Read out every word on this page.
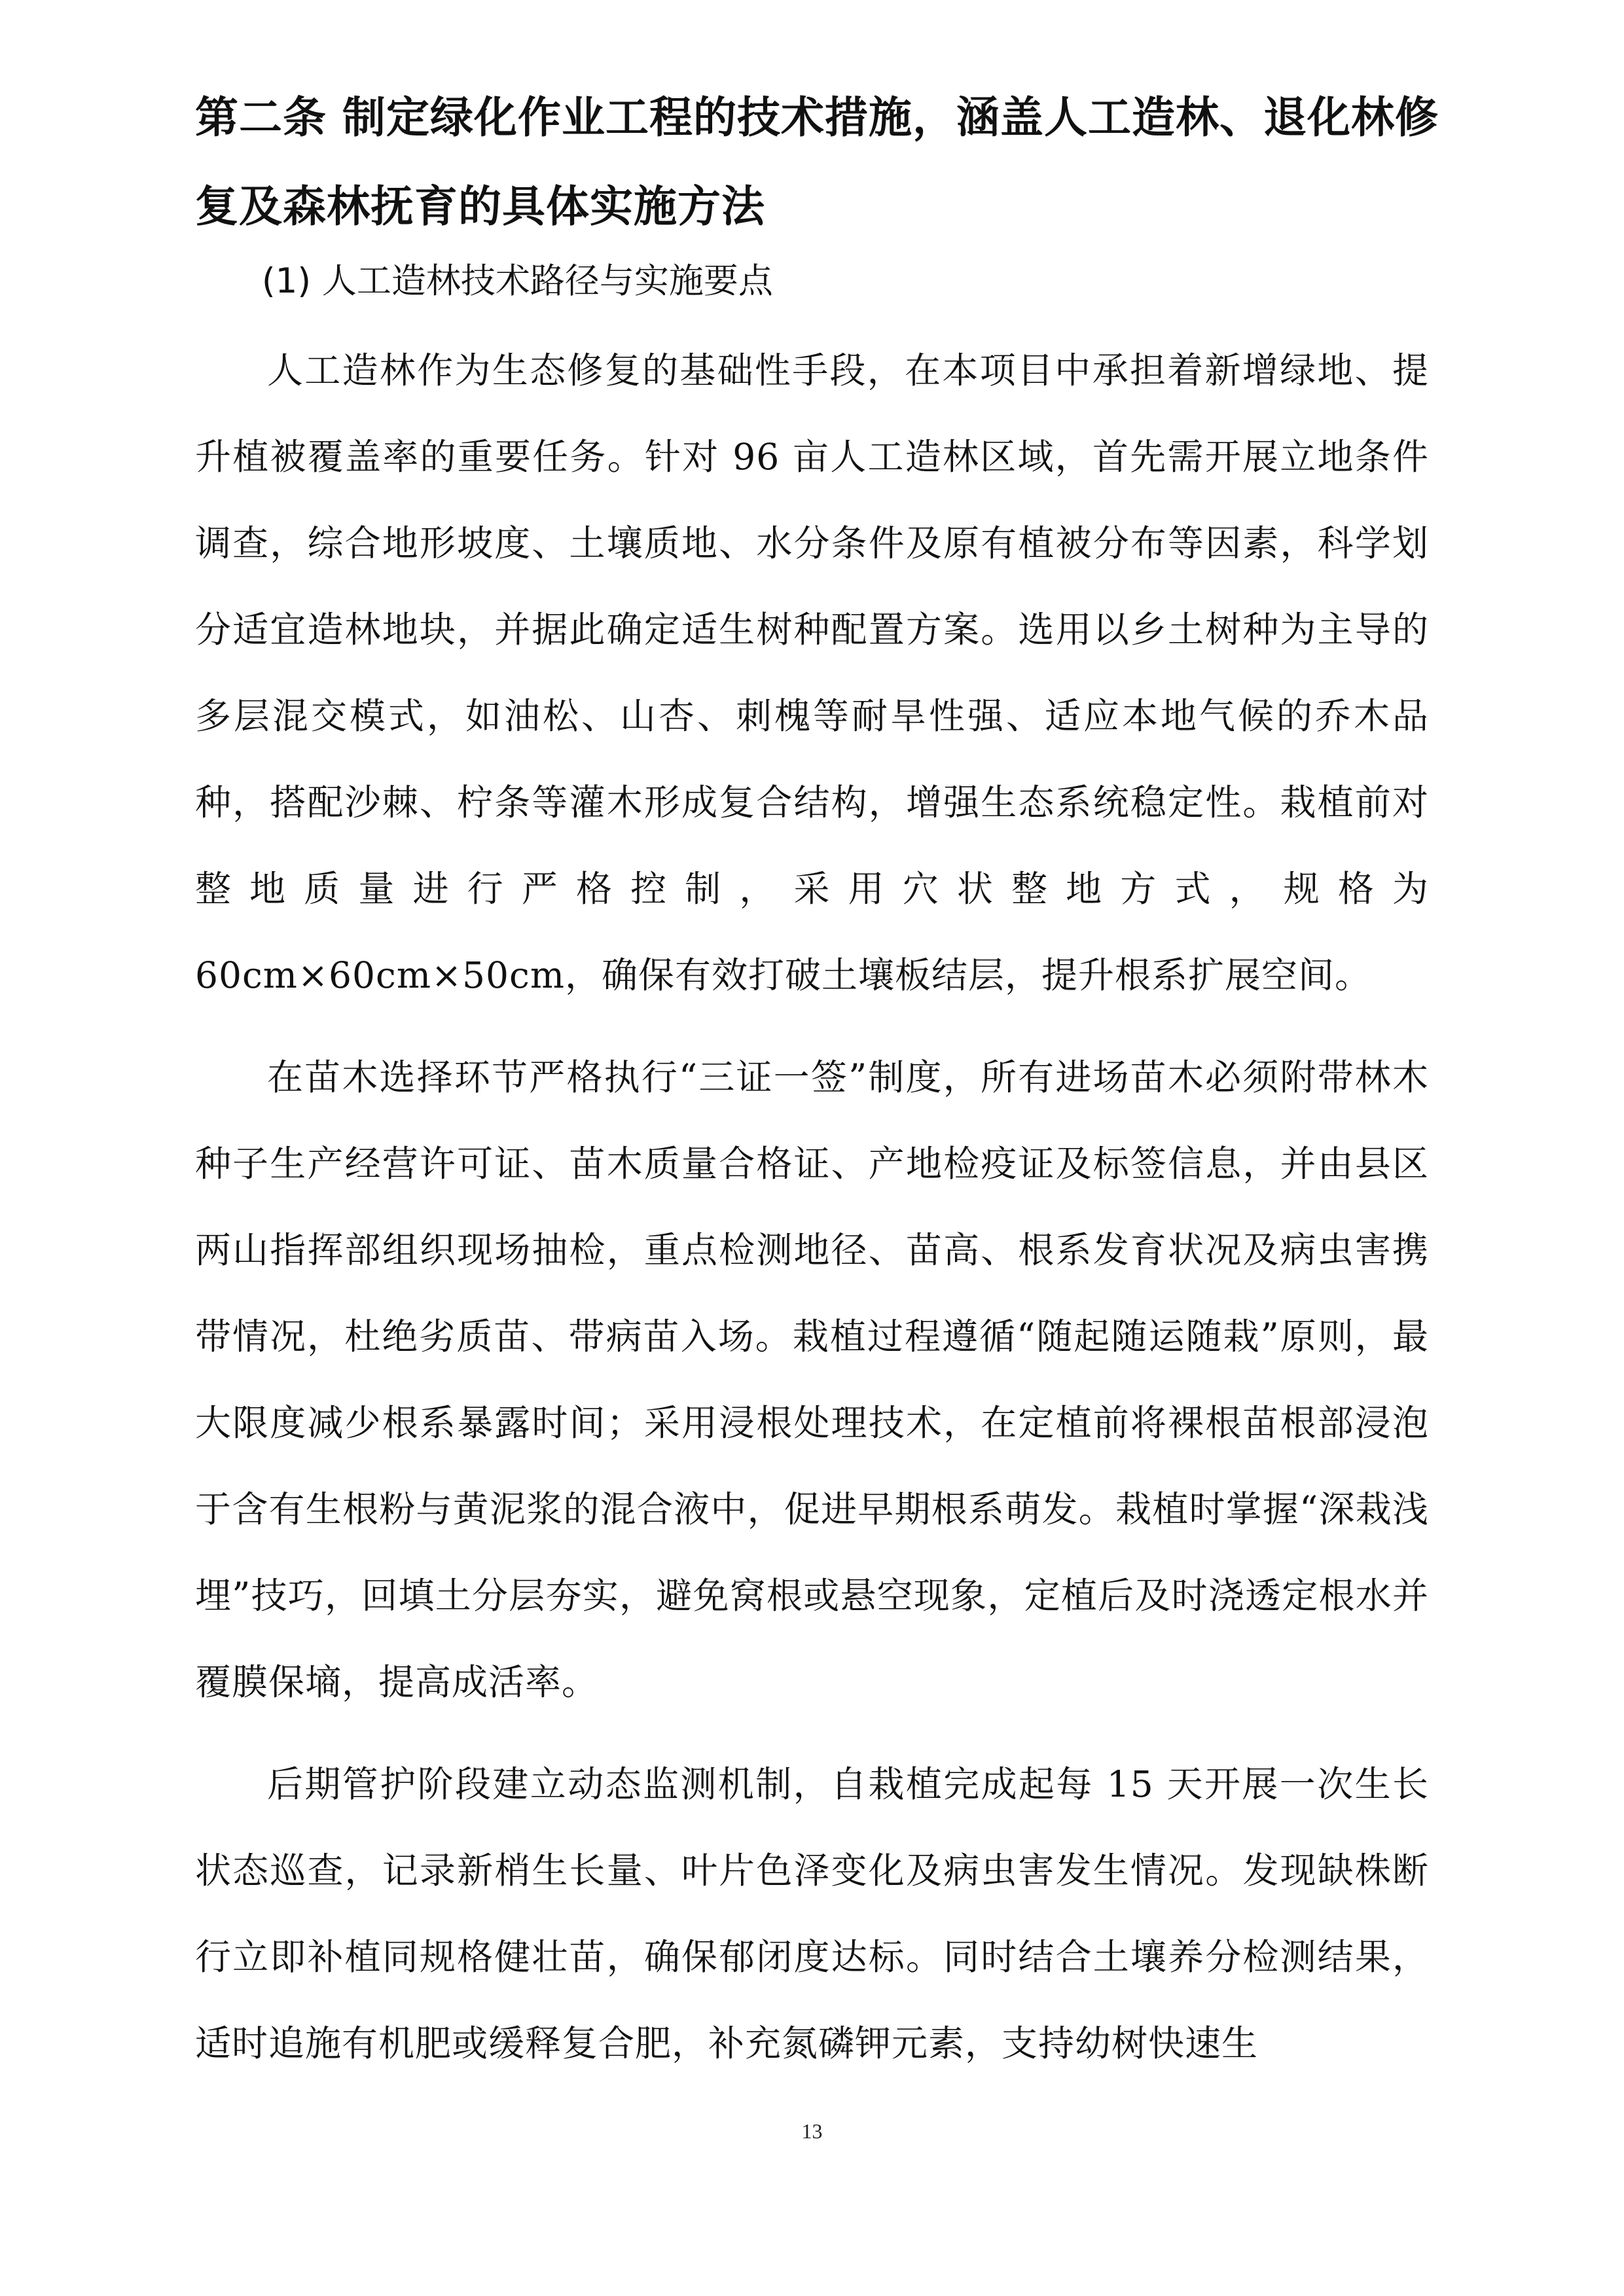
第二条 制定绿化作业工程的技术措施，涵盖人工造林、退化林修复及森林抚育的具体实施方法

(1) 人工造林技术路径与实施要点

人工造林作为生态修复的基础性手段，在本项目中承担着新增绿地、提升植被覆盖率的重要任务。针对 96 亩人工造林区域，首先需开展立地条件调查，综合地形坡度、土壤质地、水分条件及原有植被分布等因素，科学划分适宜造林地块，并据此确定适生树种配置方案。选用以乡土树种为主导的多层混交模式，如油松、山杏、刺槐等耐旱性强、适应本地气候的乔木品种，搭配沙棘、柠条等灌木形成复合结构，增强生态系统稳定性。栽植前对整地质量进行严格控制，采用穴状整地方式，规格为60cm×60cm×50cm，确保有效打破土壤板结层，提升根系扩展空间。

在苗木选择环节严格执行“三证一签”制度，所有进场苗木必须附带林木种子生产经营许可证、苗木质量合格证、产地检疫证及标签信息，并由县区两山指挥部组织现场抽检，重点检测地径、苗高、根系发育状况及病虫害携带情况，杜绝劣质苗、带病苗入场。栽植过程遵循“随起随运随栽”原则，最大限度减少根系暴露时间；采用浸根处理技术，在定植前将裸根苗根部浸泡于含有生根粉与黄泥浆的混合液中，促进早期根系萌发。栽植时掌握“深栽浅埋”技巧，回填土分层夯实，避免窝根或悬空现象，定植后及时浇透定根水并覆膜保墒，提高成活率。

后期管护阶段建立动态监测机制，自栽植完成起每 15 天开展一次生长状态巡查，记录新梢生长量、叶片色泽变化及病虫害发生情况。发现缺株断行立即补植同规格健壮苗，确保郁闭度达标。同时结合土壤养分检测结果，适时追施有机肥或缓释复合肥，补充氮磷钾元素，支持幼树快速生

13
